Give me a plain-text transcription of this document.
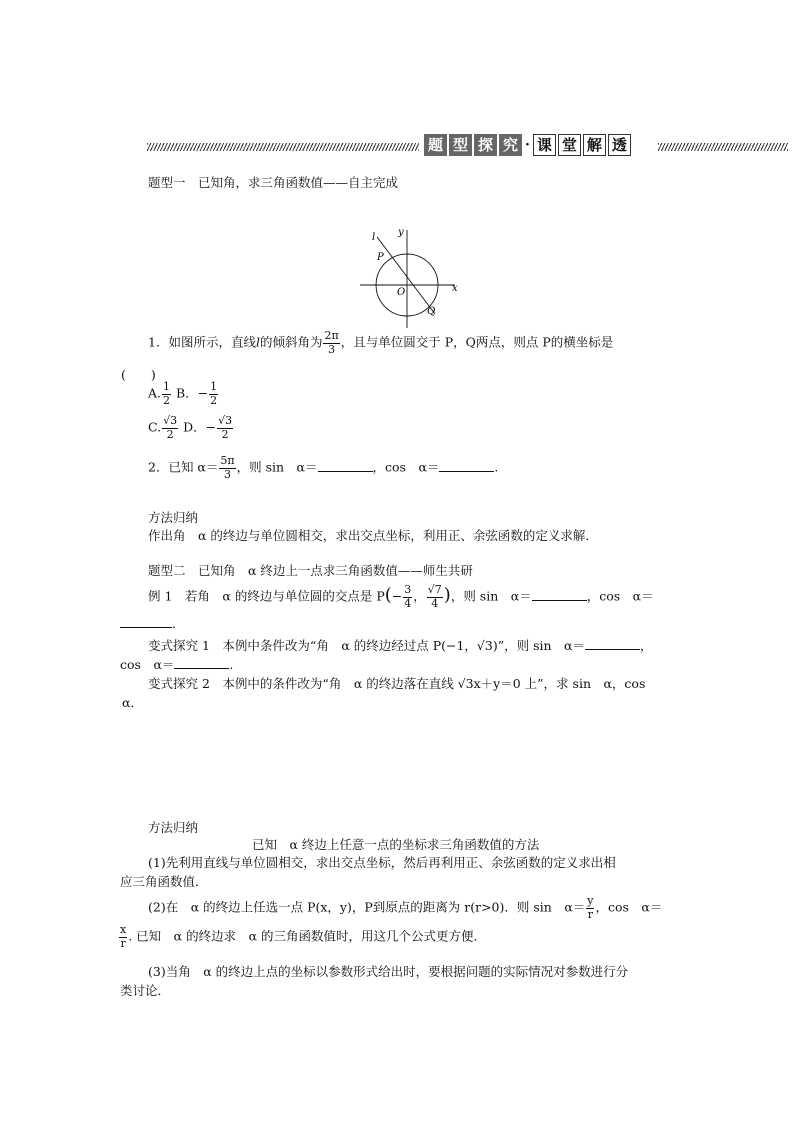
题 型 探 究 · 课 堂 解 透
题型一　已知角，求三角函数值——自主完成
l y
P
O	x
Q
1．如图所示，直线l的倾斜角为 $\frac{2\pi}{3}$ ，且与单位圆交于 P，Q两点，则点 P的横坐标是
(　　)
A. $\frac{1}{2}$ B．− $\frac{1}{2}$
C. $\frac{√3}{2}$ D．− $\frac{√3}{2}$
2．已知 $\alpha= \frac{5\pi}{3}$ ，则 sin　α＝	，cos　α＝	.
方法归纳
作出角　α 的终边与单位圆相交，求出交点坐标，利用正、余弦函数的定义求解．
题型二　已知角　α 终边上一点求三角函数值——师生共研
例 1　若角　α 的终边与单位圆的交点是 $P(- \frac{3}{4}$ ， $\frac{√7}{4}$ )，则 sin　α＝	，cos　α＝
.
变式探究 1　本例中条件改为“角　α 的终边经过点 P(−1，√3)”，则 sin　α＝	，
cos　α＝	.
变式探究 2　本例中的条件改为“角　α 的终边落在直线 √3x＋y＝0 上”，求 sin　α，cos
α．
方法归纳
已知　α 终边上任意一点的坐标求三角函数值的方法
(1)先利用直线与单位圆相交，求出交点坐标，然后再利用正、余弦函数的定义求出相
应三角函数值．
(2)在　α 的终边上任选一点 P(x，y)，P到原点的距离为 r(r>0)．则 sin　$\alpha= \frac{y}{r}$ ，cos　α＝
$\frac{x}{r}$ . 已知　α 的终边求　α 的三角函数值时，用这几个公式更方便．
(3)当角　α 的终边上点的坐标以参数形式给出时，要根据问题的实际情况对参数进行分
类讨论．
